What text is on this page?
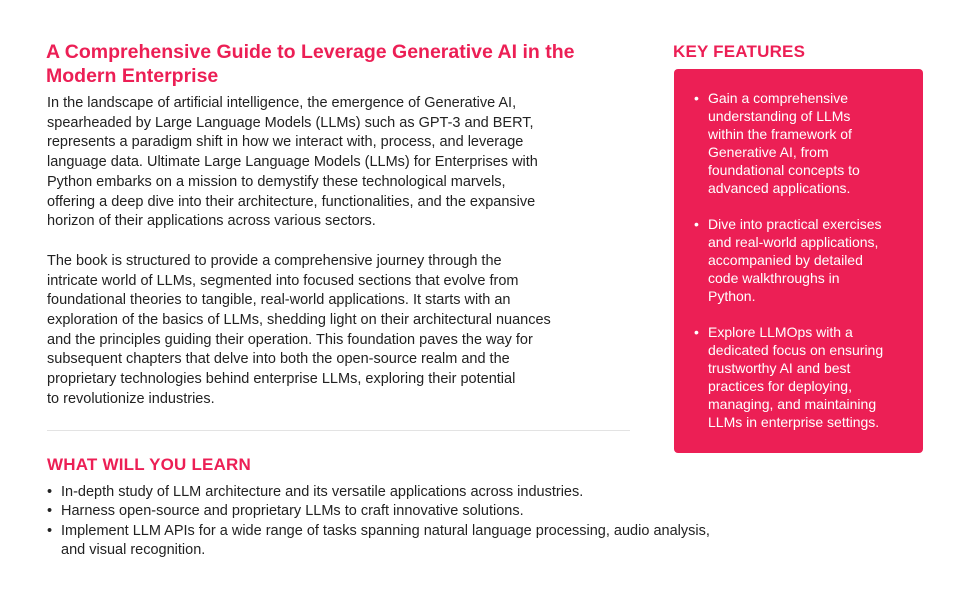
A Comprehensive Guide to Leverage Generative AI in the
Modern Enterprise

In the landscape of artificial intelligence, the emergence of Generative AI,
spearheaded by Large Language Models (LLMs) such as GPT-3 and BERT,
represents a paradigm shift in how we interact with, process, and leverage
language data. Ultimate Large Language Models (LLMs) for Enterprises with
Python embarks on a mission to demystify these technological marvels,
offering a deep dive into their architecture, functionalities, and the expansive
horizon of their applications across various sectors.

The book is structured to provide a comprehensive journey through the
intricate world of LLMs, segmented into focused sections that evolve from
foundational theories to tangible, real-world applications. It starts with an
exploration of the basics of LLMs, shedding light on their architectural nuances
and the principles guiding their operation. This foundation paves the way for
subsequent chapters that delve into both the open-source realm and the
proprietary technologies behind enterprise LLMs, exploring their potential
to revolutionize industries.

WHAT WILL YOU LEARN
• In-depth study of LLM architecture and its versatile applications across industries.
• Harness open-source and proprietary LLMs to craft innovative solutions.
• Implement LLM APIs for a wide range of tasks spanning natural language processing, audio analysis,
and visual recognition.
KEY FEATURES
• Gain a comprehensive
understanding of LLMs
within the framework of
Generative AI, from
foundational concepts to
advanced applications.
• Dive into practical exercises
and real-world applications,
accompanied by detailed
code walkthroughs in
Python.
• Explore LLMOps with a
dedicated focus on ensuring
trustworthy AI and best
practices for deploying,
managing, and maintaining
LLMs in enterprise settings.
